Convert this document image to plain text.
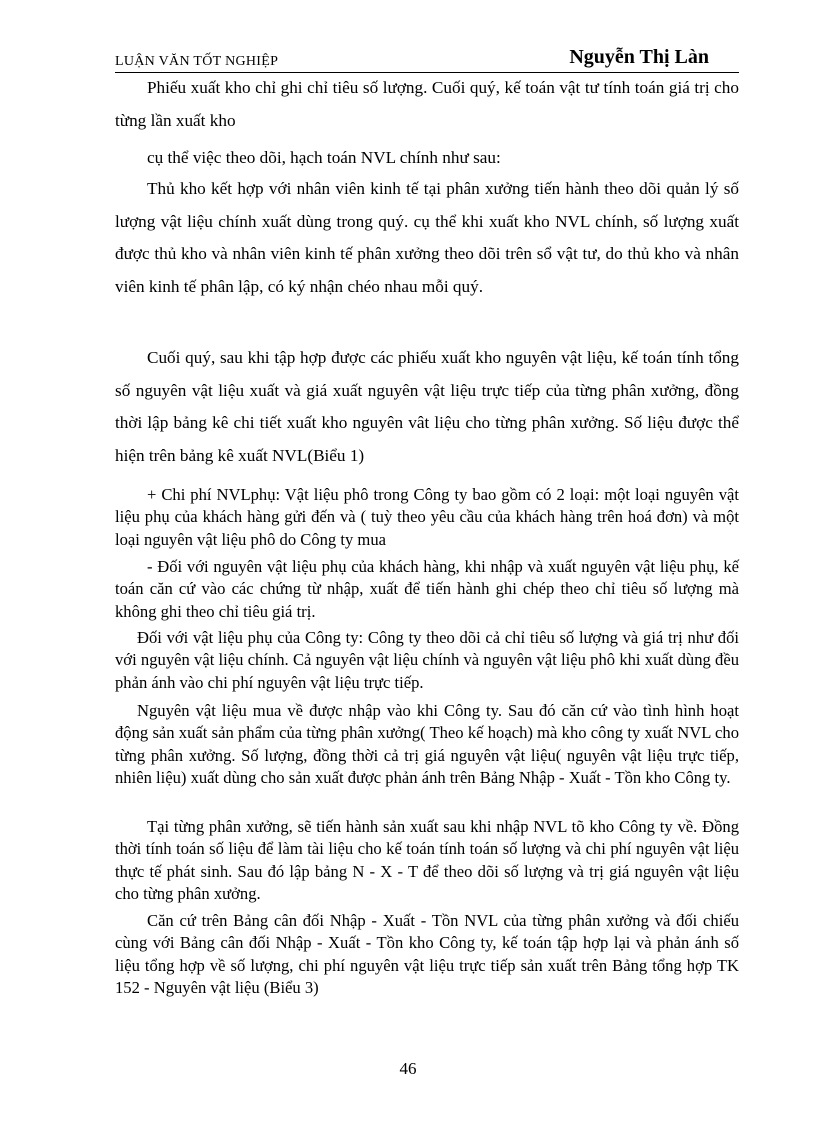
LUẬN VĂN TỐT NGHIỆP	Nguyễn Thị Làn

Phiếu xuất kho chỉ ghi chỉ tiêu số lượng. Cuối quý, kế toán vật tư tính toán giá trị cho từng lần xuất kho

cụ thể việc theo dõi, hạch toán NVL chính như sau:

Thủ kho kết hợp với nhân viên kinh tế tại phân xưởng tiến hành theo dõi quản lý số lượng vật liệu chính xuất dùng trong quý. cụ thể khi xuất kho NVL chính, số lượng xuất được thủ kho và nhân viên kinh tế phân xưởng theo dõi trên sổ vật tư, do thủ kho và nhân viên kinh tế phân lập, có ký nhận chéo nhau mỗi quý.

Cuối quý, sau khi tập hợp được các phiếu xuất kho nguyên vật liệu, kế toán tính tổng số nguyên vật liệu xuất và giá xuất nguyên vật liệu trực tiếp của từng phân xưởng, đồng thời lập bảng kê chi tiết xuất kho nguyên vât liệu cho từng phân xưởng. Số liệu được thể hiện trên bảng kê xuất NVL(Biểu 1)

+ Chi phí NVLphụ: Vật liệu phô trong Công ty bao gồm có 2 loại: một loại nguyên vật liệu phụ của khách hàng gửi đến và ( tuỳ theo yêu cầu của khách hàng trên hoá đơn) và một loại nguyên vật liệu phô do Công ty mua

- Đối với nguyên vật liệu phụ của khách hàng, khi nhập và xuất nguyên vật liệu phụ, kế toán căn cứ vào các chứng từ nhập, xuất để tiến hành ghi chép theo chỉ tiêu số lượng mà không ghi theo chỉ tiêu giá trị.

Đối với vật liệu phụ của Công ty: Công ty theo dõi cả chỉ tiêu số lượng và giá trị như đối với nguyên vật liệu chính. Cả nguyên vật liệu chính và nguyên vật liệu phô khi xuất dùng đều phản ánh vào chi phí nguyên vật liệu trực tiếp.

Nguyên vật liệu mua về được nhập vào khi Công ty. Sau đó căn cứ vào tình hình hoạt động sản xuất sản phẩm của từng phân xưởng( Theo kế hoạch) mà kho công ty xuất NVL cho từng phân xưởng. Số lượng, đồng thời cả trị giá nguyên vật liệu( nguyên vật liệu trực tiếp, nhiên liệu) xuất dùng cho sản xuất được phản ánh trên Bảng Nhập - Xuất - Tồn kho Công ty.

Tại từng phân xưởng, sẽ tiến hành sản xuất sau khi nhập NVL tõ kho Công ty về. Đồng thời tính toán số liệu để làm tài liệu cho kế toán tính toán số lượng và chi phí nguyên vật liệu thực tế phát sinh. Sau đó lập bảng N - X - T để theo dõi số lượng và trị giá nguyên vật liệu cho từng phân xưởng.

Căn cứ trên Bảng cân đối Nhập - Xuất - Tồn NVL của từng phân xưởng và đối chiếu cùng với Bảng cân đối Nhập - Xuất - Tồn kho Công ty, kế toán tập hợp lại và phản ánh số liệu tổng hợp về số lượng, chi phí nguyên vật liệu trực tiếp sản xuất trên Bảng tổng hợp TK 152 - Nguyên vật liệu (Biểu 3)

46
